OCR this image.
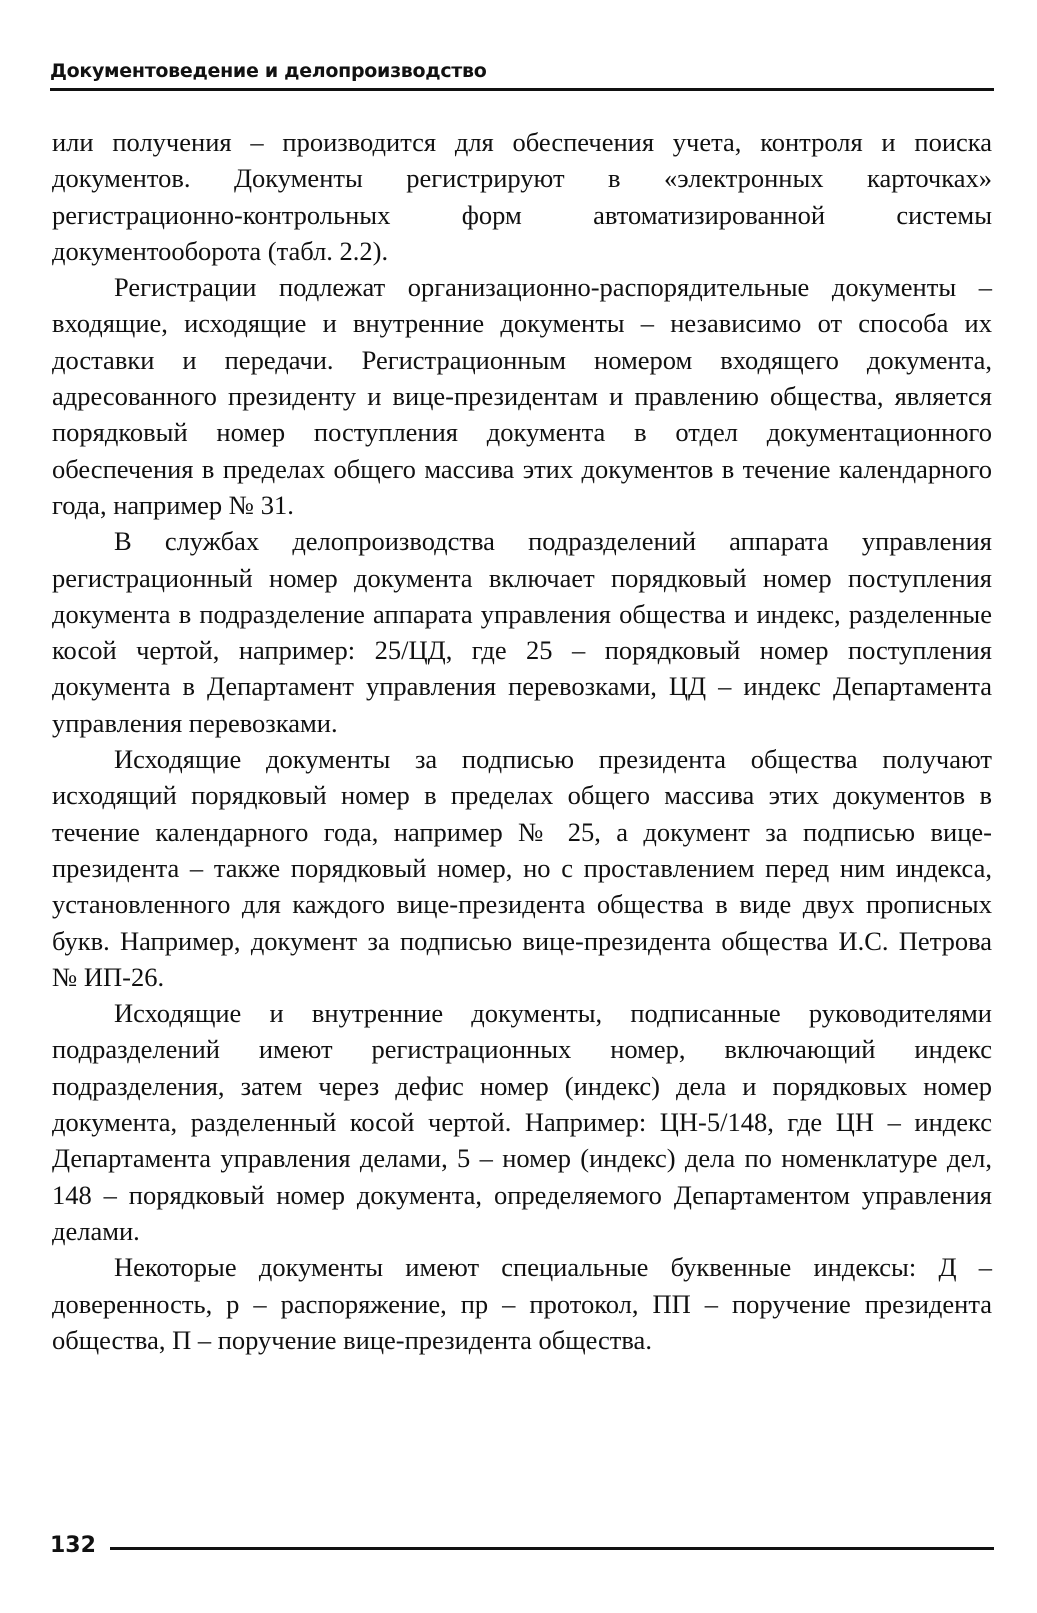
Документоведение и делопроизводство

или получения – производится для обеспечения учета, контроля и поиска документов. Документы регистрируют в «электронных карточках» регистрационно-контрольных форм автоматизированной системы документооборота (табл. 2.2).

Регистрации подлежат организационно-распорядительные документы – входящие, исходящие и внутренние документы – независимо от способа их доставки и передачи. Регистрационным номером входящего документа, адресованного президенту и вице-президентам и правлению общества, является порядковый номер поступления документа в отдел документационного обеспечения в пределах общего массива этих документов в течение календарного года, например № 31.

В службах делопроизводства подразделений аппарата управления регистрационный номер документа включает порядковый номер поступления документа в подразделение аппарата управления общества и индекс, разделенные косой чертой, например: 25/ЦД, где 25 – порядковый номер поступления документа в Департамент управления перевозками, ЦД – индекс Департамента управления перевозками.

Исходящие документы за подписью президента общества получают исходящий порядковый номер в пределах общего массива этих документов в течение календарного года, например № 25, а документ за подписью вице-президента – также порядковый номер, но с проставлением перед ним индекса, установленного для каждого вице-президента общества в виде двух прописных букв. Например, документ за подписью вице-президента общества И.С. Петрова № ИП-26.

Исходящие и внутренние документы, подписанные руководителями подразделений имеют регистрационных номер, включающий индекс подразделения, затем через дефис номер (индекс) дела и порядковых номер документа, разделенный косой чертой. Например: ЦН-5/148, где ЦН – индекс Департамента управления делами, 5 – номер (индекс) дела по номенклатуре дел, 148 – порядковый номер документа, определяемого Департаментом управления делами.

Некоторые документы имеют специальные буквенные индексы: Д – доверенность, р – распоряжение, пр – протокол, ПП – поручение президента общества, П – поручение вице-президента общества.

132
